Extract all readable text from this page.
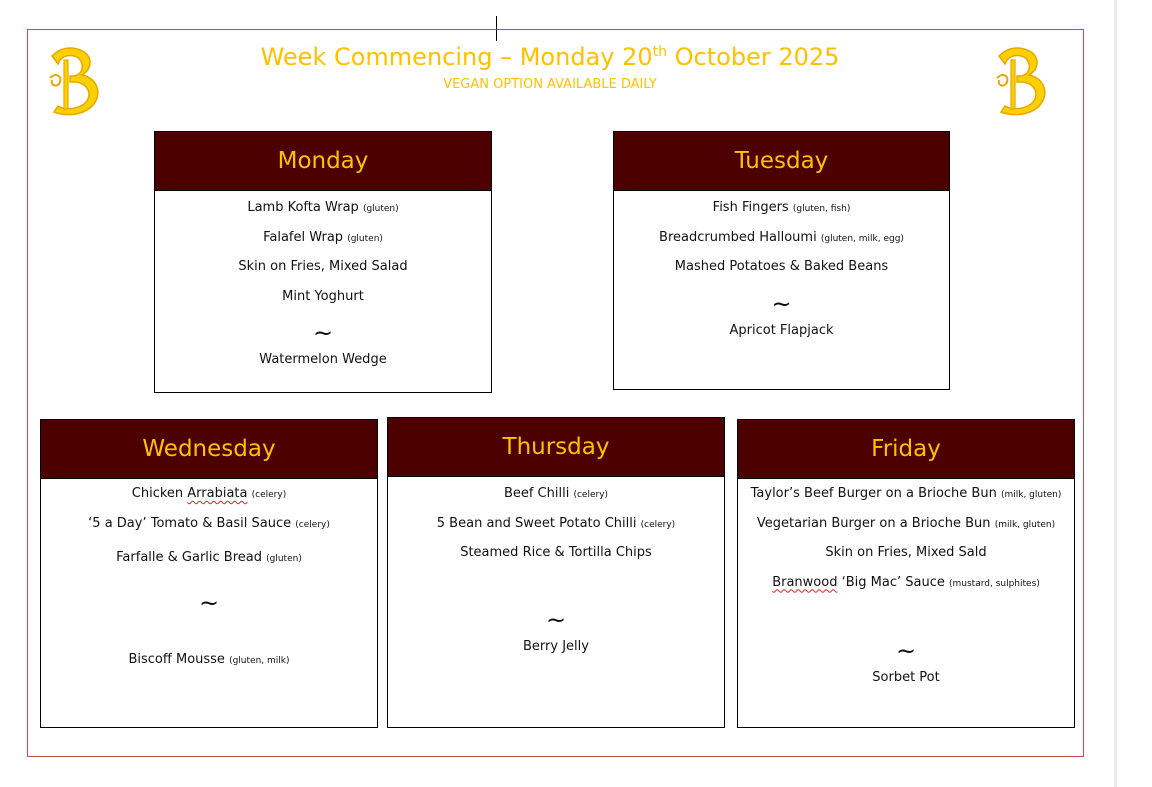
Week Commencing – Monday 20th October 2025
VEGAN OPTION AVAILABLE DAILY
Monday
Lamb Kofta Wrap (gluten)
Falafel Wrap (gluten)
Skin on Fries, Mixed Salad
Mint Yoghurt
~
Watermelon Wedge
Tuesday
Fish Fingers (gluten, fish)
Breadcrumbed Halloumi (gluten, milk, egg)
Mashed Potatoes & Baked Beans
~
Apricot Flapjack
Wednesday
Chicken Arrabiata (celery)
‘5 a Day’ Tomato & Basil Sauce (celery)
Farfalle & Garlic Bread (gluten)
~
Biscoff Mousse (gluten, milk)
Thursday
Beef Chilli (celery)
5 Bean and Sweet Potato Chilli (celery)
Steamed Rice & Tortilla Chips
~
Berry Jelly
Friday
Taylor’s Beef Burger on a Brioche Bun (milk, gluten)
Vegetarian Burger on a Brioche Bun (milk, gluten)
Skin on Fries, Mixed Sald
Branwood ‘Big Mac’ Sauce (mustard, sulphites)
~
Sorbet Pot
